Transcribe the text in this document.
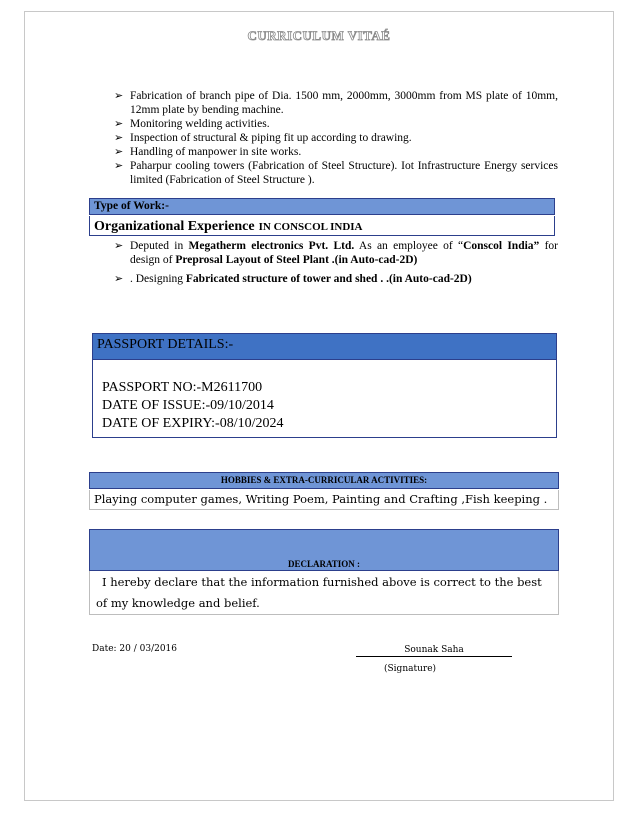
CURRICULUM VITAÉ
➢ Fabrication of branch pipe of Dia. 1500 mm, 2000mm, 3000mm from MS plate of 10mm, 12mm plate by bending machine.
➢ Monitoring welding activities.
➢ Inspection of structural & piping fit up according to drawing.
➢ Handling of manpower in site works.
➢ Paharpur cooling towers (Fabrication of Steel Structure). Iot Infrastructure Energy services limited (Fabrication of Steel Structure ).
Type of Work:-
Organizational Experience IN CONSCOL INDIA
➢ Deputed in Megatherm electronics Pvt. Ltd. As an employee of “Conscol India” for design of Preprosal Layout of Steel Plant .(in Auto-cad-2D)
➢ . Designing Fabricated structure of tower and shed . .(in Auto-cad-2D)
PASSPORT DETAILS:-
PASSPORT NO:-M2611700
DATE OF ISSUE:-09/10/2014
DATE OF EXPIRY:-08/10/2024
HOBBIES & EXTRA-CURRICULAR ACTIVITIES:
Playing computer games, Writing Poem, Painting and Crafting ,Fish keeping .
DECLARATION :
I hereby declare that the information furnished above is correct to the best of my knowledge and belief.
Date: 20 / 03/2016	Sounak Saha
(Signature)
